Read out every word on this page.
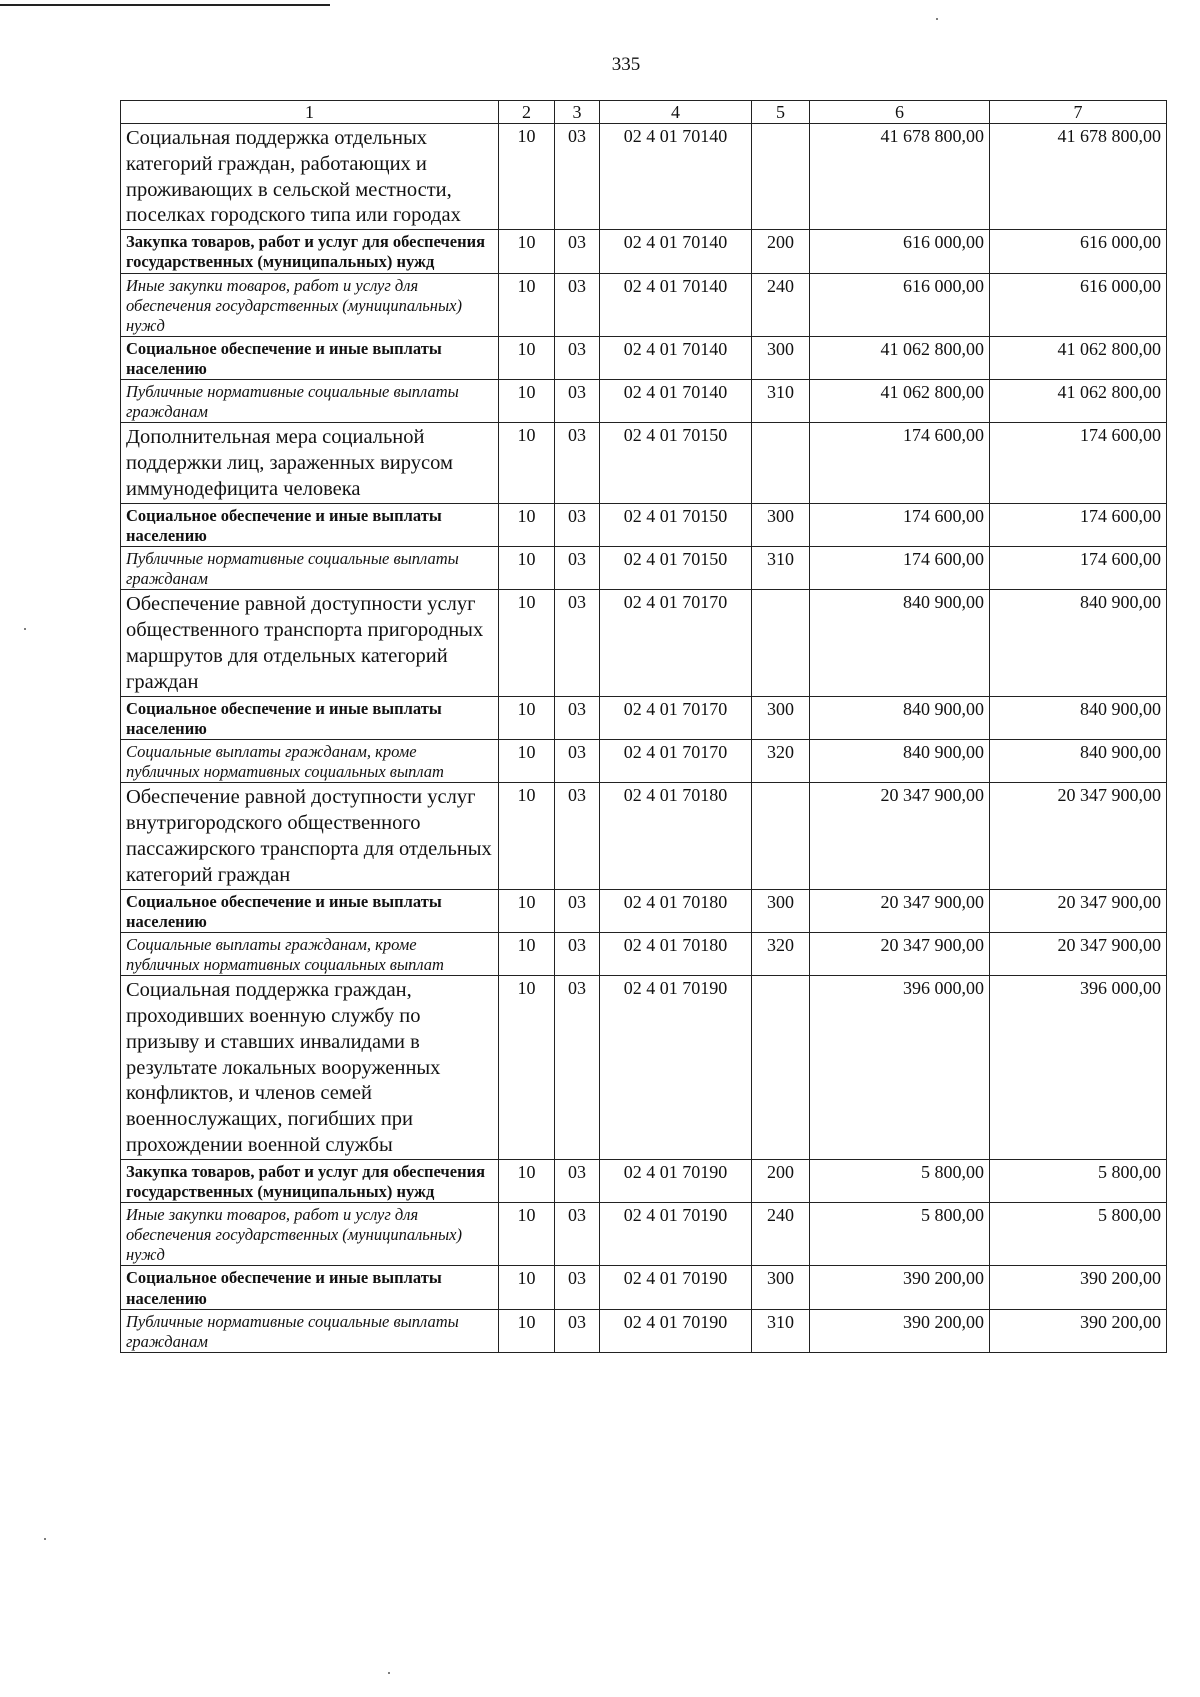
335
1	2	3	4	5	6	7
Социальная поддержка отдельных категорий граждан, работающих и проживающих в сельской местности, поселках городского типа или городах	10	03	02 4 01 70140		41 678 800,00	41 678 800,00
Закупка товаров, работ и услуг для обеспечения государственных (муниципальных) нужд	10	03	02 4 01 70140	200	616 000,00	616 000,00
Иные закупки товаров, работ и услуг для обеспечения государственных (муниципальных) нужд	10	03	02 4 01 70140	240	616 000,00	616 000,00
Социальное обеспечение и иные выплаты населению	10	03	02 4 01 70140	300	41 062 800,00	41 062 800,00
Публичные нормативные социальные выплаты гражданам	10	03	02 4 01 70140	310	41 062 800,00	41 062 800,00
Дополнительная мера социальной поддержки лиц, зараженных вирусом иммунодефицита человека	10	03	02 4 01 70150		174 600,00	174 600,00
Социальное обеспечение и иные выплаты населению	10	03	02 4 01 70150	300	174 600,00	174 600,00
Публичные нормативные социальные выплаты гражданам	10	03	02 4 01 70150	310	174 600,00	174 600,00
Обеспечение равной доступности услуг общественного транспорта пригородных маршрутов для отдельных категорий граждан	10	03	02 4 01 70170		840 900,00	840 900,00
Социальное обеспечение и иные выплаты населению	10	03	02 4 01 70170	300	840 900,00	840 900,00
Социальные выплаты гражданам, кроме публичных нормативных социальных выплат	10	03	02 4 01 70170	320	840 900,00	840 900,00
Обеспечение равной доступности услуг внутригородского общественного пассажирского транспорта для отдельных категорий граждан	10	03	02 4 01 70180		20 347 900,00	20 347 900,00
Социальное обеспечение и иные выплаты населению	10	03	02 4 01 70180	300	20 347 900,00	20 347 900,00
Социальные выплаты гражданам, кроме публичных нормативных социальных выплат	10	03	02 4 01 70180	320	20 347 900,00	20 347 900,00
Социальная поддержка граждан, проходивших военную службу по призыву и ставших инвалидами в результате локальных вооруженных конфликтов, и членов семей военнослужащих, погибших при прохождении военной службы	10	03	02 4 01 70190		396 000,00	396 000,00
Закупка товаров, работ и услуг для обеспечения государственных (муниципальных) нужд	10	03	02 4 01 70190	200	5 800,00	5 800,00
Иные закупки товаров, работ и услуг для обеспечения государственных (муниципальных) нужд	10	03	02 4 01 70190	240	5 800,00	5 800,00
Социальное обеспечение и иные выплаты населению	10	03	02 4 01 70190	300	390 200,00	390 200,00
Публичные нормативные социальные выплаты гражданам	10	03	02 4 01 70190	310	390 200,00	390 200,00
